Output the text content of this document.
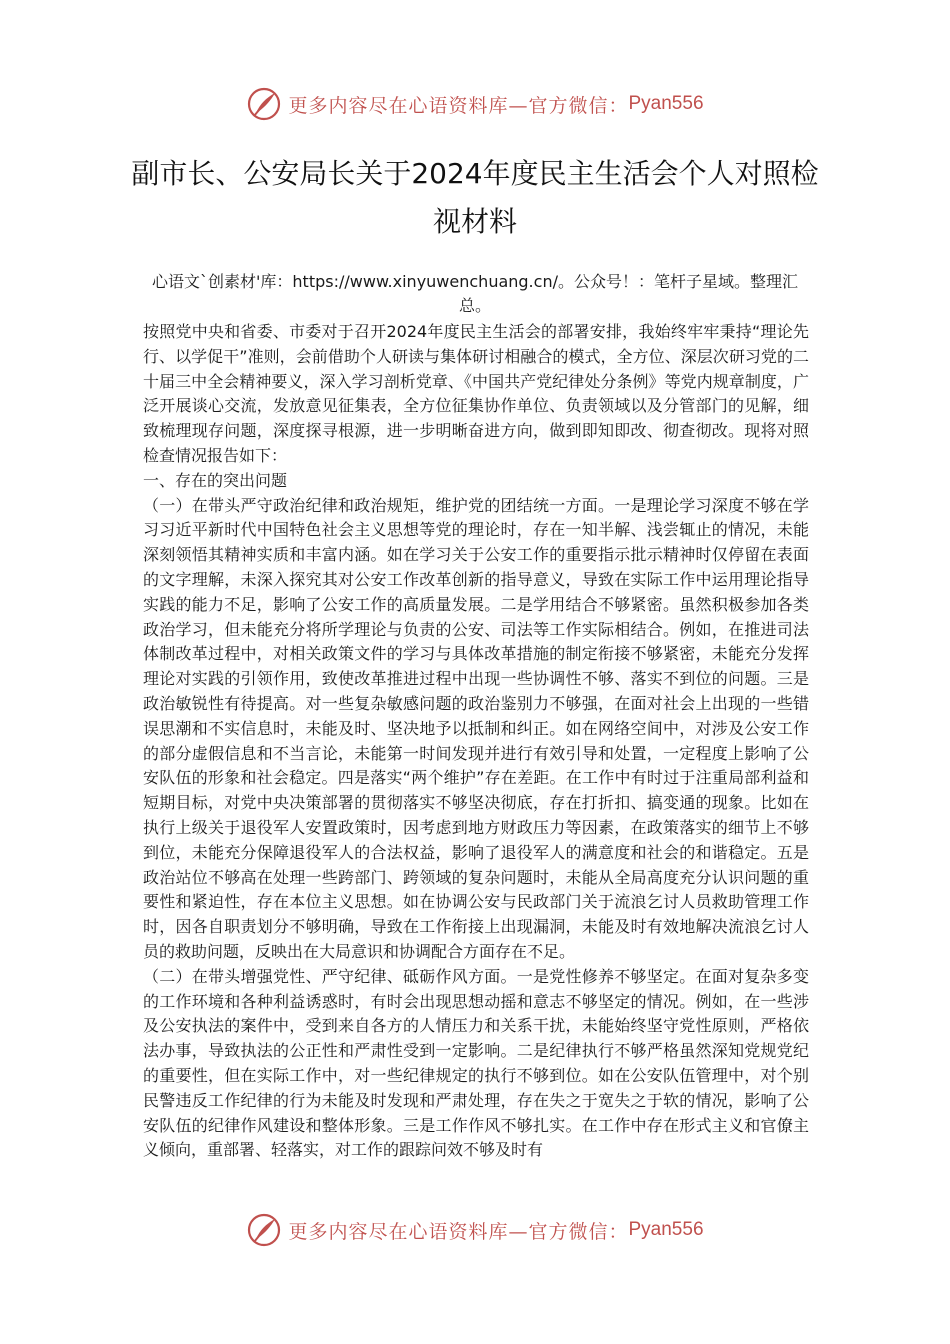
更多内容尽在心语资料库—官方微信： Pyan556
副市长、公安局长关于2024年度民主生活会个人对照检视材料

心语文`创素材'库：https://www.xinyuwenchuang.cn/。公众号！：笔杆子星域。整理汇总。

按照党中央和省委、市委对于召开2024年度民主生活会的部署安排，我始终牢牢秉持“理论先行、以学促干”准则，会前借助个人研读与集体研讨相融合的模式，全方位、深层次研习党的二十届三中全会精神要义，深入学习剖析党章、《中国共产党纪律处分条例》等党内规章制度，广泛开展谈心交流，发放意见征集表，全方位征集协作单位、负责领域以及分管部门的见解，细致梳理现存问题，深度探寻根源，进一步明晰奋进方向，做到即知即改、彻查彻改。现将对照检查情况报告如下：

一、存在的突出问题

（一）在带头严守政治纪律和政治规矩，维护党的团结统一方面。一是理论学习深度不够在学习习近平新时代中国特色社会主义思想等党的理论时，存在一知半解、浅尝辄止的情况，未能深刻领悟其精神实质和丰富内涵。如在学习关于公安工作的重要指示批示精神时仅停留在表面的文字理解，未深入探究其对公安工作改革创新的指导意义，导致在实际工作中运用理论指导实践的能力不足，影响了公安工作的高质量发展。二是学用结合不够紧密。虽然积极参加各类政治学习，但未能充分将所学理论与负责的公安、司法等工作实际相结合。例如，在推进司法体制改革过程中，对相关政策文件的学习与具体改革措施的制定衔接不够紧密，未能充分发挥理论对实践的引领作用，致使改革推进过程中出现一些协调性不够、落实不到位的问题。三是政治敏锐性有待提高。对一些复杂敏感问题的政治鉴别力不够强，在面对社会上出现的一些错误思潮和不实信息时，未能及时、坚决地予以抵制和纠正。如在网络空间中，对涉及公安工作的部分虚假信息和不当言论，未能第一时间发现并进行有效引导和处置，一定程度上影响了公安队伍的形象和社会稳定。四是落实“两个维护”存在差距。在工作中有时过于注重局部利益和短期目标，对党中央决策部署的贯彻落实不够坚决彻底，存在打折扣、搞变通的现象。比如在执行上级关于退役军人安置政策时，因考虑到地方财政压力等因素，在政策落实的细节上不够到位，未能充分保障退役军人的合法权益，影响了退役军人的满意度和社会的和谐稳定。五是政治站位不够高在处理一些跨部门、跨领域的复杂问题时，未能从全局高度充分认识问题的重要性和紧迫性，存在本位主义思想。如在协调公安与民政部门关于流浪乞讨人员救助管理工作时，因各自职责划分不够明确，导致在工作衔接上出现漏洞，未能及时有效地解决流浪乞讨人员的救助问题，反映出在大局意识和协调配合方面存在不足。

（二）在带头增强党性、严守纪律、砥砺作风方面。一是党性修养不够坚定。在面对复杂多变的工作环境和各种利益诱惑时，有时会出现思想动摇和意志不够坚定的情况。例如，在一些涉及公安执法的案件中，受到来自各方的人情压力和关系干扰，未能始终坚守党性原则，严格依法办事，导致执法的公正性和严肃性受到一定影响。二是纪律执行不够严格虽然深知党规党纪的重要性，但在实际工作中，对一些纪律规定的执行不够到位。如在公安队伍管理中，对个别民警违反工作纪律的行为未能及时发现和严肃处理，存在失之于宽失之于软的情况，影响了公安队伍的纪律作风建设和整体形象。三是工作作风不够扎实。在工作中存在形式主义和官僚主义倾向，重部署、轻落实，对工作的跟踪问效不够及时有

更多内容尽在心语资料库—官方微信： Pyan556
